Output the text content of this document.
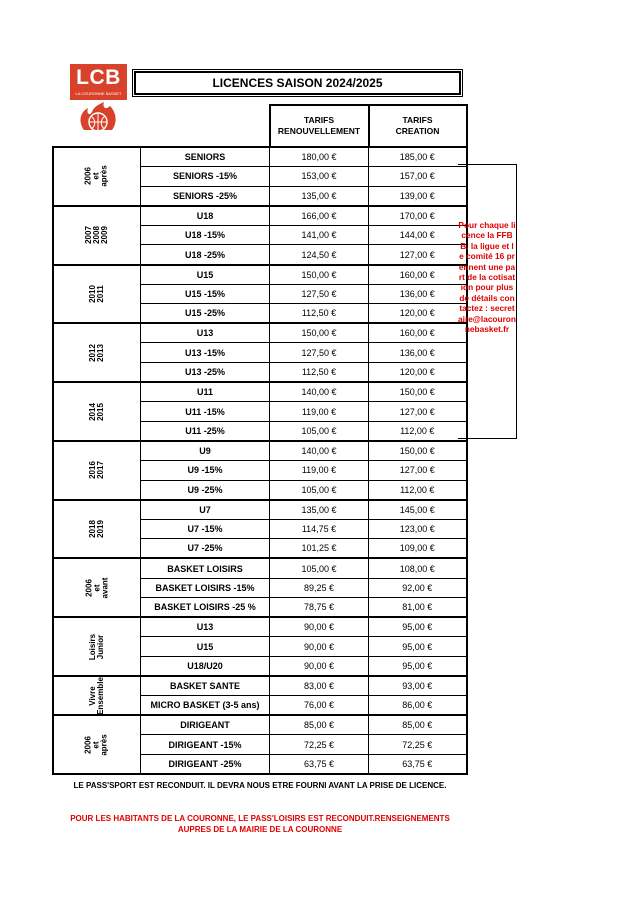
LCB
LA COURONNE BASKET
LICENCES SAISON 2024/2025
		TARIFS
RENOUVELLEMENT	TARIFS
CREATION
2006
et
après	SENIORS	180,00 €	185,00 €
	SENIORS -15%	153,00 €	157,00 €
	SENIORS -25%	135,00 €	139,00 €
2007
2008
2009	U18	166,00 €	170,00 €
	U18 -15%	141,00 €	144,00 €
	U18 -25%	124,50 €	127,00 €
2010
2011	U15	150,00 €	160,00 €
	U15 -15%	127,50 €	136,00 €
	U15 -25%	112,50 €	120,00 €
2012
2013	U13	150,00 €	160,00 €
	U13 -15%	127,50 €	136,00 €
	U13 -25%	112,50 €	120,00 €
2014
2015	U11	140,00 €	150,00 €
	U11 -15%	119,00 €	127,00 €
	U11 -25%	105,00 €	112,00 €
2016
2017	U9	140,00 €	150,00 €
	U9 -15%	119,00 €	127,00 €
	U9 -25%	105,00 €	112,00 €
2018
2019	U7	135,00 €	145,00 €
	U7 -15%	114,75 €	123,00 €
	U7 -25%	101,25 €	109,00 €
2006
et
avant	BASKET LOISIRS	105,00 €	108,00 €
	BASKET LOISIRS -15%	89,25 €	92,00 €
	BASKET LOISIRS -25 %	78,75 €	81,00 €
Loisirs
Junior	U13	90,00 €	95,00 €
	U15	90,00 €	95,00 €
	U18/U20	90,00 €	95,00 €
Vivre
Ensemble	BASKET SANTE	83,00 €	93,00 €
	MICRO BASKET (3-5 ans)	76,00 €	86,00 €
2006
et
après	DIRIGEANT	85,00 €	85,00 €
	DIRIGEANT -15%	72,25 €	72,25 €
	DIRIGEANT -25%	63,75 €	63,75 €
Pour chaque licence la FFBB, la ligue et le comité 16 prennent une part de la cotisation pour plus de détails contactez : secretaire@lacouronnebasket.fr
LE PASS'SPORT EST RECONDUIT. IL DEVRA NOUS ETRE FOURNI AVANT LA PRISE DE LICENCE.
POUR LES HABITANTS DE LA COURONNE, LE PASS'LOISIRS EST RECONDUIT.RENSEIGNEMENTS AUPRES DE LA MAIRIE DE LA COURONNE
